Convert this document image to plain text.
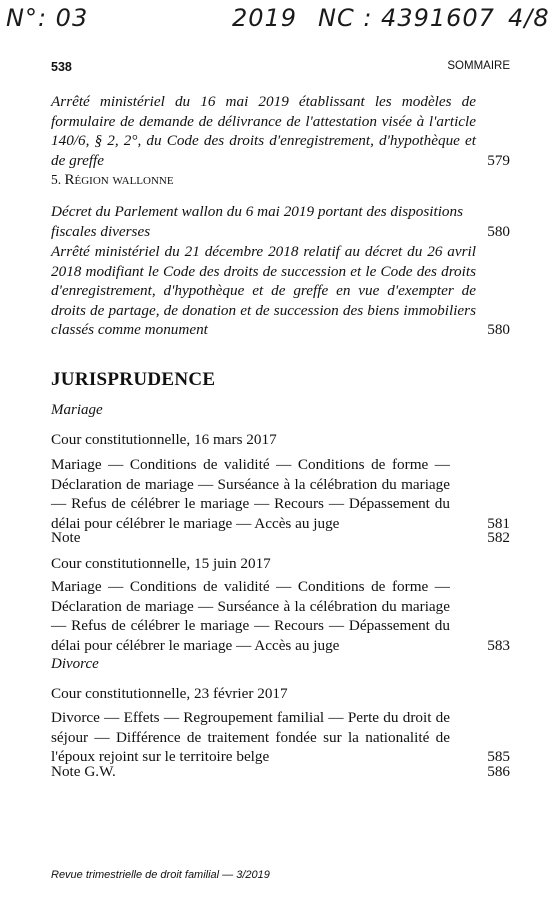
N°: 03	2019 NC : 4391607 4/8
538	SOMMAIRE
Arrêté ministériel du 16 mai 2019 établissant les modèles de formulaire de demande de délivrance de l'attestation visée à l'article 140/6, § 2, 2°, du Code des droits d'enregistrement, d'hypothèque et de greffe	579
5. Région wallonne
Décret du Parlement wallon du 6 mai 2019 portant des dispositions fiscales diverses	580
Arrêté ministériel du 21 décembre 2018 relatif au décret du 26 avril 2018 modifiant le Code des droits de succession et le Code des droits d'enregistrement, d'hypothèque et de greffe en vue d'exempter de droits de partage, de donation et de succession des biens immobiliers classés comme monument	580
JURISPRUDENCE
Mariage
Cour constitutionnelle, 16 mars 2017
Mariage — Conditions de validité — Conditions de forme — Déclaration de mariage — Surséance à la célébration du mariage — Refus de célébrer le mariage — Recours — Dépassement du délai pour célébrer le mariage — Accès au juge	581
Note	582
Cour constitutionnelle, 15 juin 2017
Mariage — Conditions de validité — Conditions de forme — Déclaration de mariage — Surséance à la célébration du mariage — Refus de célébrer le mariage — Recours — Dépassement du délai pour célébrer le mariage — Accès au juge	583
Divorce
Cour constitutionnelle, 23 février 2017
Divorce — Effets — Regroupement familial — Perte du droit de séjour — Différence de traitement fondée sur la nationalité de l'époux rejoint sur le territoire belge	585
Note G.W.	586
Revue trimestrielle de droit familial — 3/2019
